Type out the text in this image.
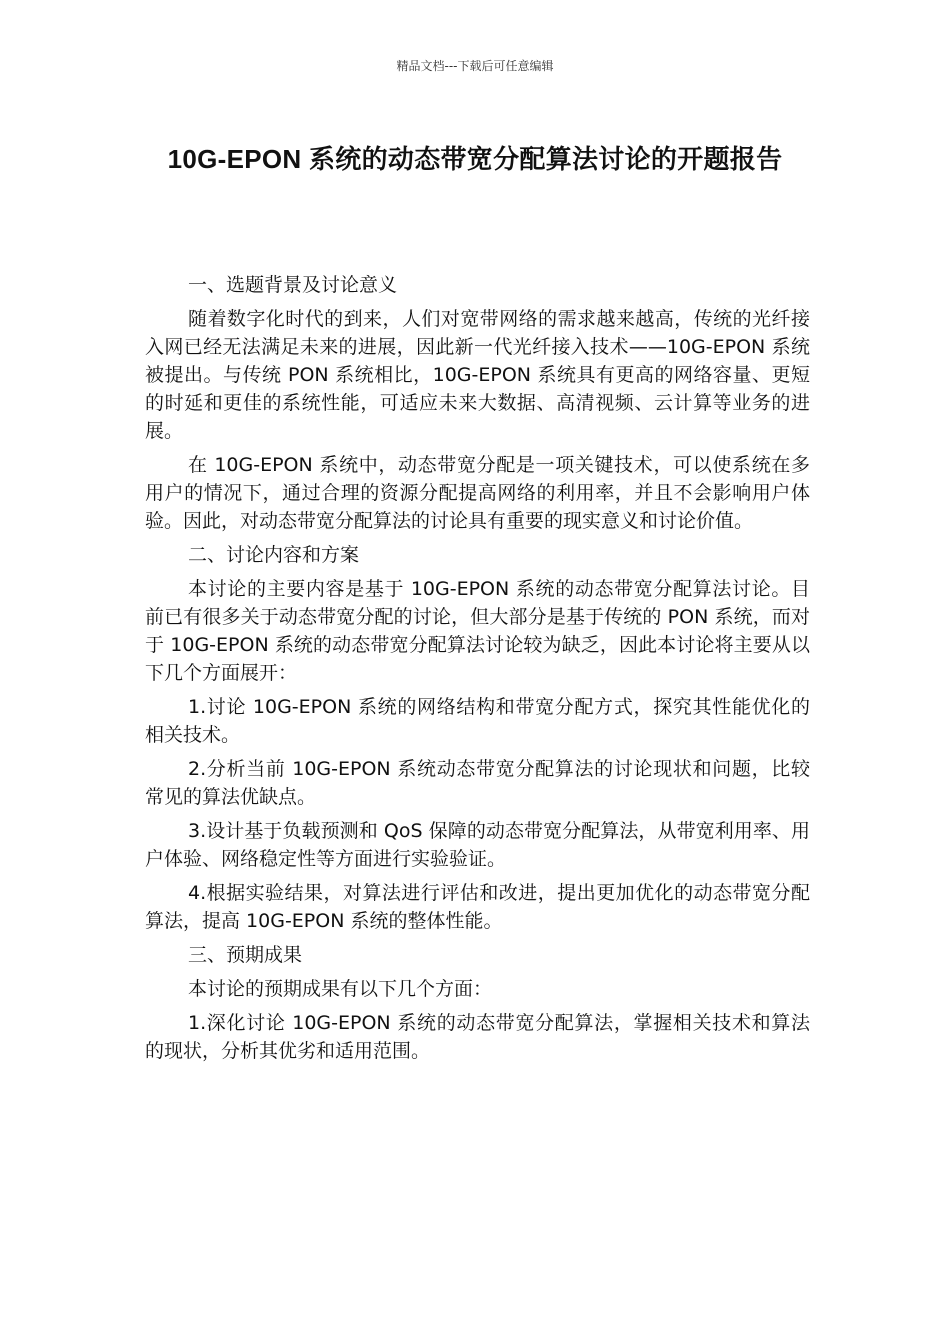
精品文档---下载后可任意编辑
10G-EPON 系统的动态带宽分配算法讨论的开题报告

一、选题背景及讨论意义

随着数字化时代的到来，人们对宽带网络的需求越来越高，传统的光纤接入网已经无法满足未来的进展，因此新一代光纤接入技术——10G-EPON 系统被提出。与传统 PON 系统相比，10G-EPON 系统具有更高的网络容量、更短的时延和更佳的系统性能，可适应未来大数据、高清视频、云计算等业务的进展。

在 10G-EPON 系统中，动态带宽分配是一项关键技术，可以使系统在多用户的情况下，通过合理的资源分配提高网络的利用率，并且不会影响用户体验。因此，对动态带宽分配算法的讨论具有重要的现实意义和讨论价值。

二、讨论内容和方案

本讨论的主要内容是基于 10G-EPON 系统的动态带宽分配算法讨论。目前已有很多关于动态带宽分配的讨论，但大部分是基于传统的 PON 系统，而对于 10G-EPON 系统的动态带宽分配算法讨论较为缺乏，因此本讨论将主要从以下几个方面展开：

1.讨论 10G-EPON 系统的网络结构和带宽分配方式，探究其性能优化的相关技术。

2.分析当前 10G-EPON 系统动态带宽分配算法的讨论现状和问题，比较常见的算法优缺点。

3.设计基于负载预测和 QoS 保障的动态带宽分配算法，从带宽利用率、用户体验、网络稳定性等方面进行实验验证。

4.根据实验结果，对算法进行评估和改进，提出更加优化的动态带宽分配算法，提高 10G-EPON 系统的整体性能。

三、预期成果

本讨论的预期成果有以下几个方面：

1.深化讨论 10G-EPON 系统的动态带宽分配算法，掌握相关技术和算法的现状，分析其优劣和适用范围。
